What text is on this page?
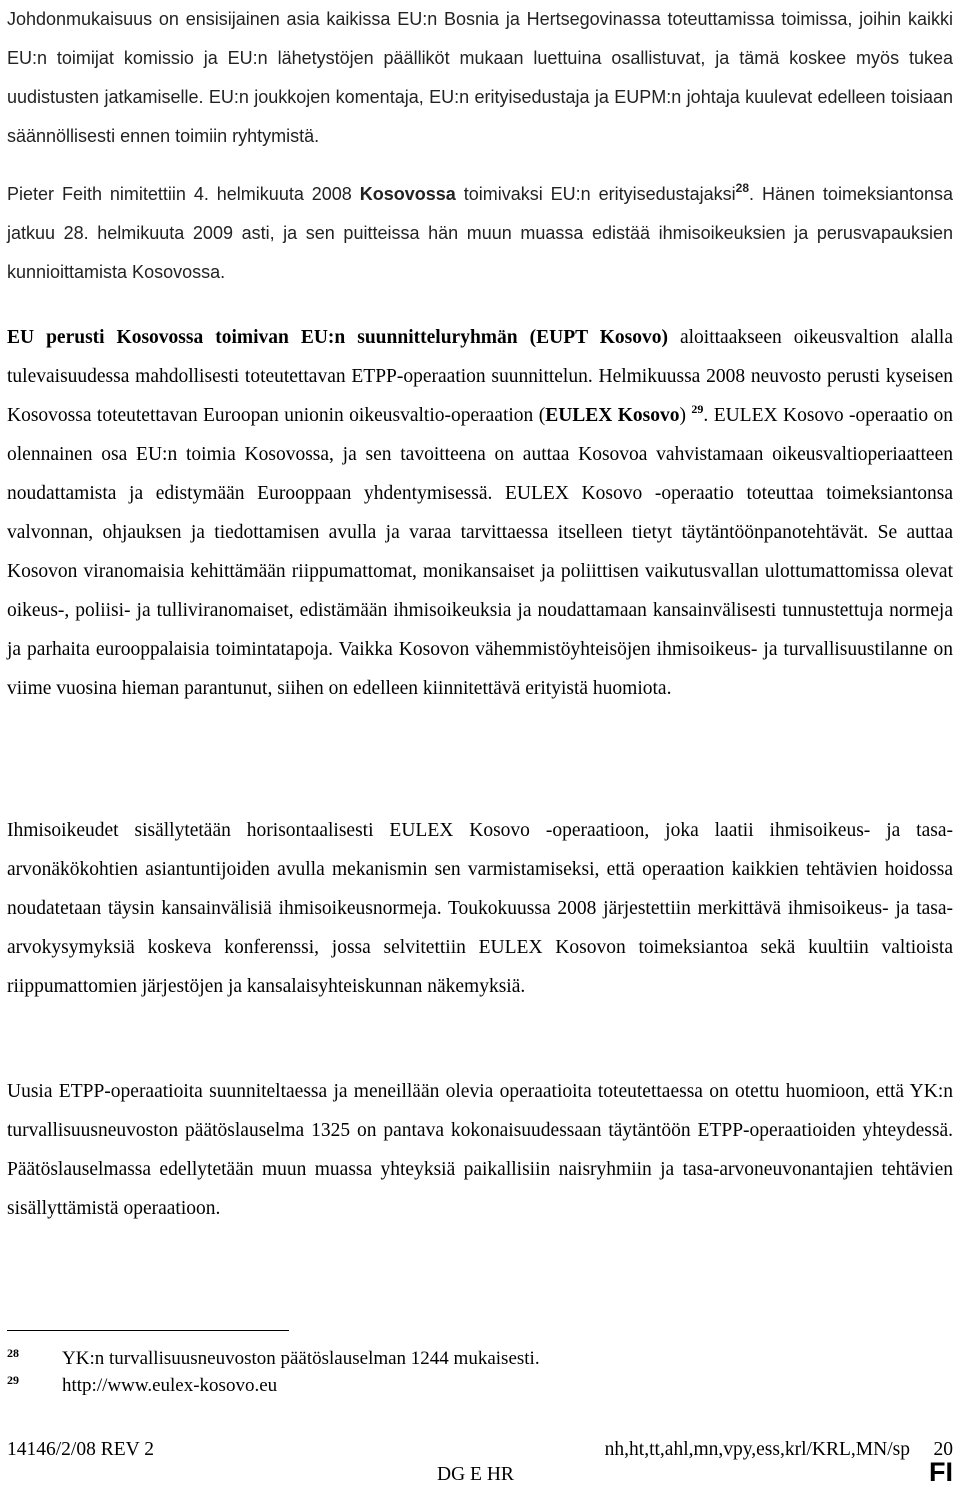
Johdonmukaisuus on ensisijainen asia kaikissa EU:n Bosnia ja Hertsegovinassa toteuttamissa toimissa, joihin kaikki EU:n toimijat komissio ja EU:n lähetystöjen päälliköt mukaan luettuina osallistuvat, ja tämä koskee myös tukea uudistusten jatkamiselle. EU:n joukkojen komentaja, EU:n erityisedustaja ja EUPM:n johtaja kuulevat edelleen toisiaan säännöllisesti ennen toimiin ryhtymistä.

Pieter Feith nimitettiin 4. helmikuuta 2008 Kosovossa toimivaksi EU:n erityisedustajaksi$^{28}$. Hänen toimeksiantonsa jatkuu 28. helmikuuta 2009 asti, ja sen puitteissa hän muun muassa edistää ihmisoikeuksien ja perusvapauksien kunnioittamista Kosovossa.

EU perusti Kosovossa toimivan EU:n suunnitteluryhmän (EUPT Kosovo) aloittaakseen oikeusvaltion alalla tulevaisuudessa mahdollisesti toteutettavan ETPP-operaation suunnittelun. Helmikuussa 2008 neuvosto perusti kyseisen Kosovossa toteutettavan Euroopan unionin oikeusvaltio-operaation (EULEX Kosovo) $^{29}$. EULEX Kosovo -operaatio on olennainen osa EU:n toimia Kosovossa, ja sen tavoitteena on auttaa Kosovoa vahvistamaan oikeusvaltioperiaatteen noudattamista ja edistymään Eurooppaan yhdentymisessä. EULEX Kosovo -operaatio toteuttaa toimeksiantonsa valvonnan, ohjauksen ja tiedottamisen avulla ja varaa tarvittaessa itselleen tietyt täytäntöönpanotehtävät. Se auttaa Kosovon viranomaisia kehittämään riippumattomat, monikansaiset ja poliittisen vaikutusvallan ulottumattomissa olevat oikeus-, poliisi- ja tulliviranomaiset, edistämään ihmisoikeuksia ja noudattamaan kansainvälisesti tunnustettuja normeja ja parhaita eurooppalaisia toimintatapoja. Vaikka Kosovon vähemmistöyhteisöjen ihmisoikeus- ja turvallisuustilanne on viime vuosina hieman parantunut, siihen on edelleen kiinnitettävä erityistä huomiota.

Ihmisoikeudet sisällytetään horisontaalisesti EULEX Kosovo -operaatioon, joka laatii ihmisoikeus- ja tasa-arvonäkökohtien asiantuntijoiden avulla mekanismin sen varmistamiseksi, että operaation kaikkien tehtävien hoidossa noudatetaan täysin kansainvälisiä ihmisoikeusnormeja. Toukokuussa 2008 järjestettiin merkittävä ihmisoikeus- ja tasa-arvokysymyksiä koskeva konferenssi, jossa selvitettiin EULEX Kosovon toimeksiantoa sekä kuultiin valtioista riippumattomien järjestöjen ja kansalaisyhteiskunnan näkemyksiä.

Uusia ETPP-operaatioita suunniteltaessa ja meneillään olevia operaatioita toteutettaessa on otettu huomioon, että YK:n turvallisuusneuvoston päätöslauselma 1325 on pantava kokonaisuudessaan täytäntöön ETPP-operaatioiden yhteydessä. Päätöslauselmassa edellytetään muun muassa yhteyksiä paikallisiin naisryhmiin ja tasa-arvoneuvonantajien tehtävien sisällyttämistä operaatioon.

28 YK:n turvallisuusneuvoston päätöslauselman 1244 mukaisesti.
29 http://www.eulex-kosovo.eu
14146/2/08 REV 2	nh,ht,tt,ahl,mn,vpy,ess,krl/KRL,MN/sp 20
DG E HR	FI
